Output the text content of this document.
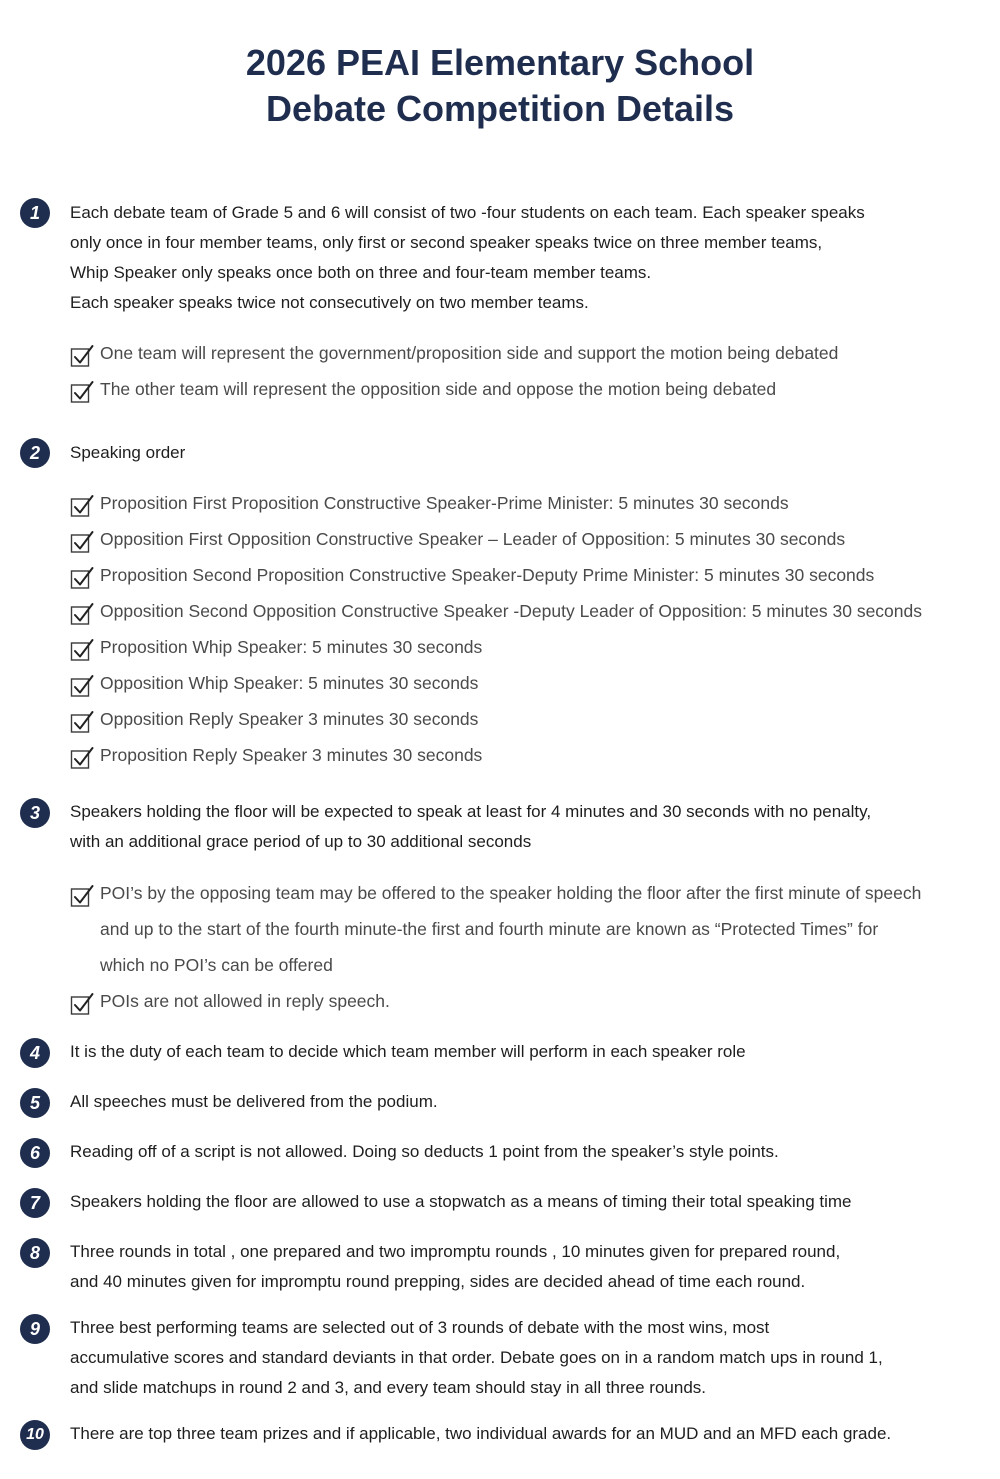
2026 PEAI Elementary School
Debate Competition Details
1	Each debate team of Grade 5 and 6 will consist of two -four students on each team. Each speaker speaks
only once in four member teams, only first or second speaker speaks twice on three member teams,
Whip Speaker only speaks once both on three and four-team member teams.
Each speaker speaks twice not consecutively on two member teams.
One team will represent the government/proposition side and support the motion being debated
The other team will represent the opposition side and oppose the motion being debated
2	Speaking order
Proposition First Proposition Constructive Speaker-Prime Minister: 5 minutes 30 seconds
Opposition First Opposition Constructive Speaker – Leader of Opposition: 5 minutes 30 seconds
Proposition Second Proposition Constructive Speaker-Deputy Prime Minister: 5 minutes 30 seconds
Opposition Second Opposition Constructive Speaker -Deputy Leader of Opposition: 5 minutes 30 seconds
Proposition Whip Speaker: 5 minutes 30 seconds
Opposition Whip Speaker: 5 minutes 30 seconds
Opposition Reply Speaker 3 minutes 30 seconds
Proposition Reply Speaker 3 minutes 30 seconds
3	Speakers holding the floor will be expected to speak at least for 4 minutes and 30 seconds with no penalty,
with an additional grace period of up to 30 additional seconds
POI’s by the opposing team may be offered to the speaker holding the floor after the first minute of speech
and up to the start of the fourth minute-the first and fourth minute are known as “Protected Times” for
which no POI’s can be offered
POIs are not allowed in reply speech.
4	It is the duty of each team to decide which team member will perform in each speaker role
5	All speeches must be delivered from the podium.
6	Reading off of a script is not allowed. Doing so deducts 1 point from the speaker’s style points.
7	Speakers holding the floor are allowed to use a stopwatch as a means of timing their total speaking time
8	Three rounds in total , one prepared and two impromptu rounds , 10 minutes given for prepared round,
and 40 minutes given for impromptu round prepping, sides are decided ahead of time each round.
9	Three best performing teams are selected out of 3 rounds of debate with the most wins, most
accumulative scores and standard deviants in that order. Debate goes on in a random match ups in round 1,
and slide matchups in round 2 and 3, and every team should stay in all three rounds.
10	There are top three team prizes and if applicable, two individual awards for an MUD and an MFD each grade.
